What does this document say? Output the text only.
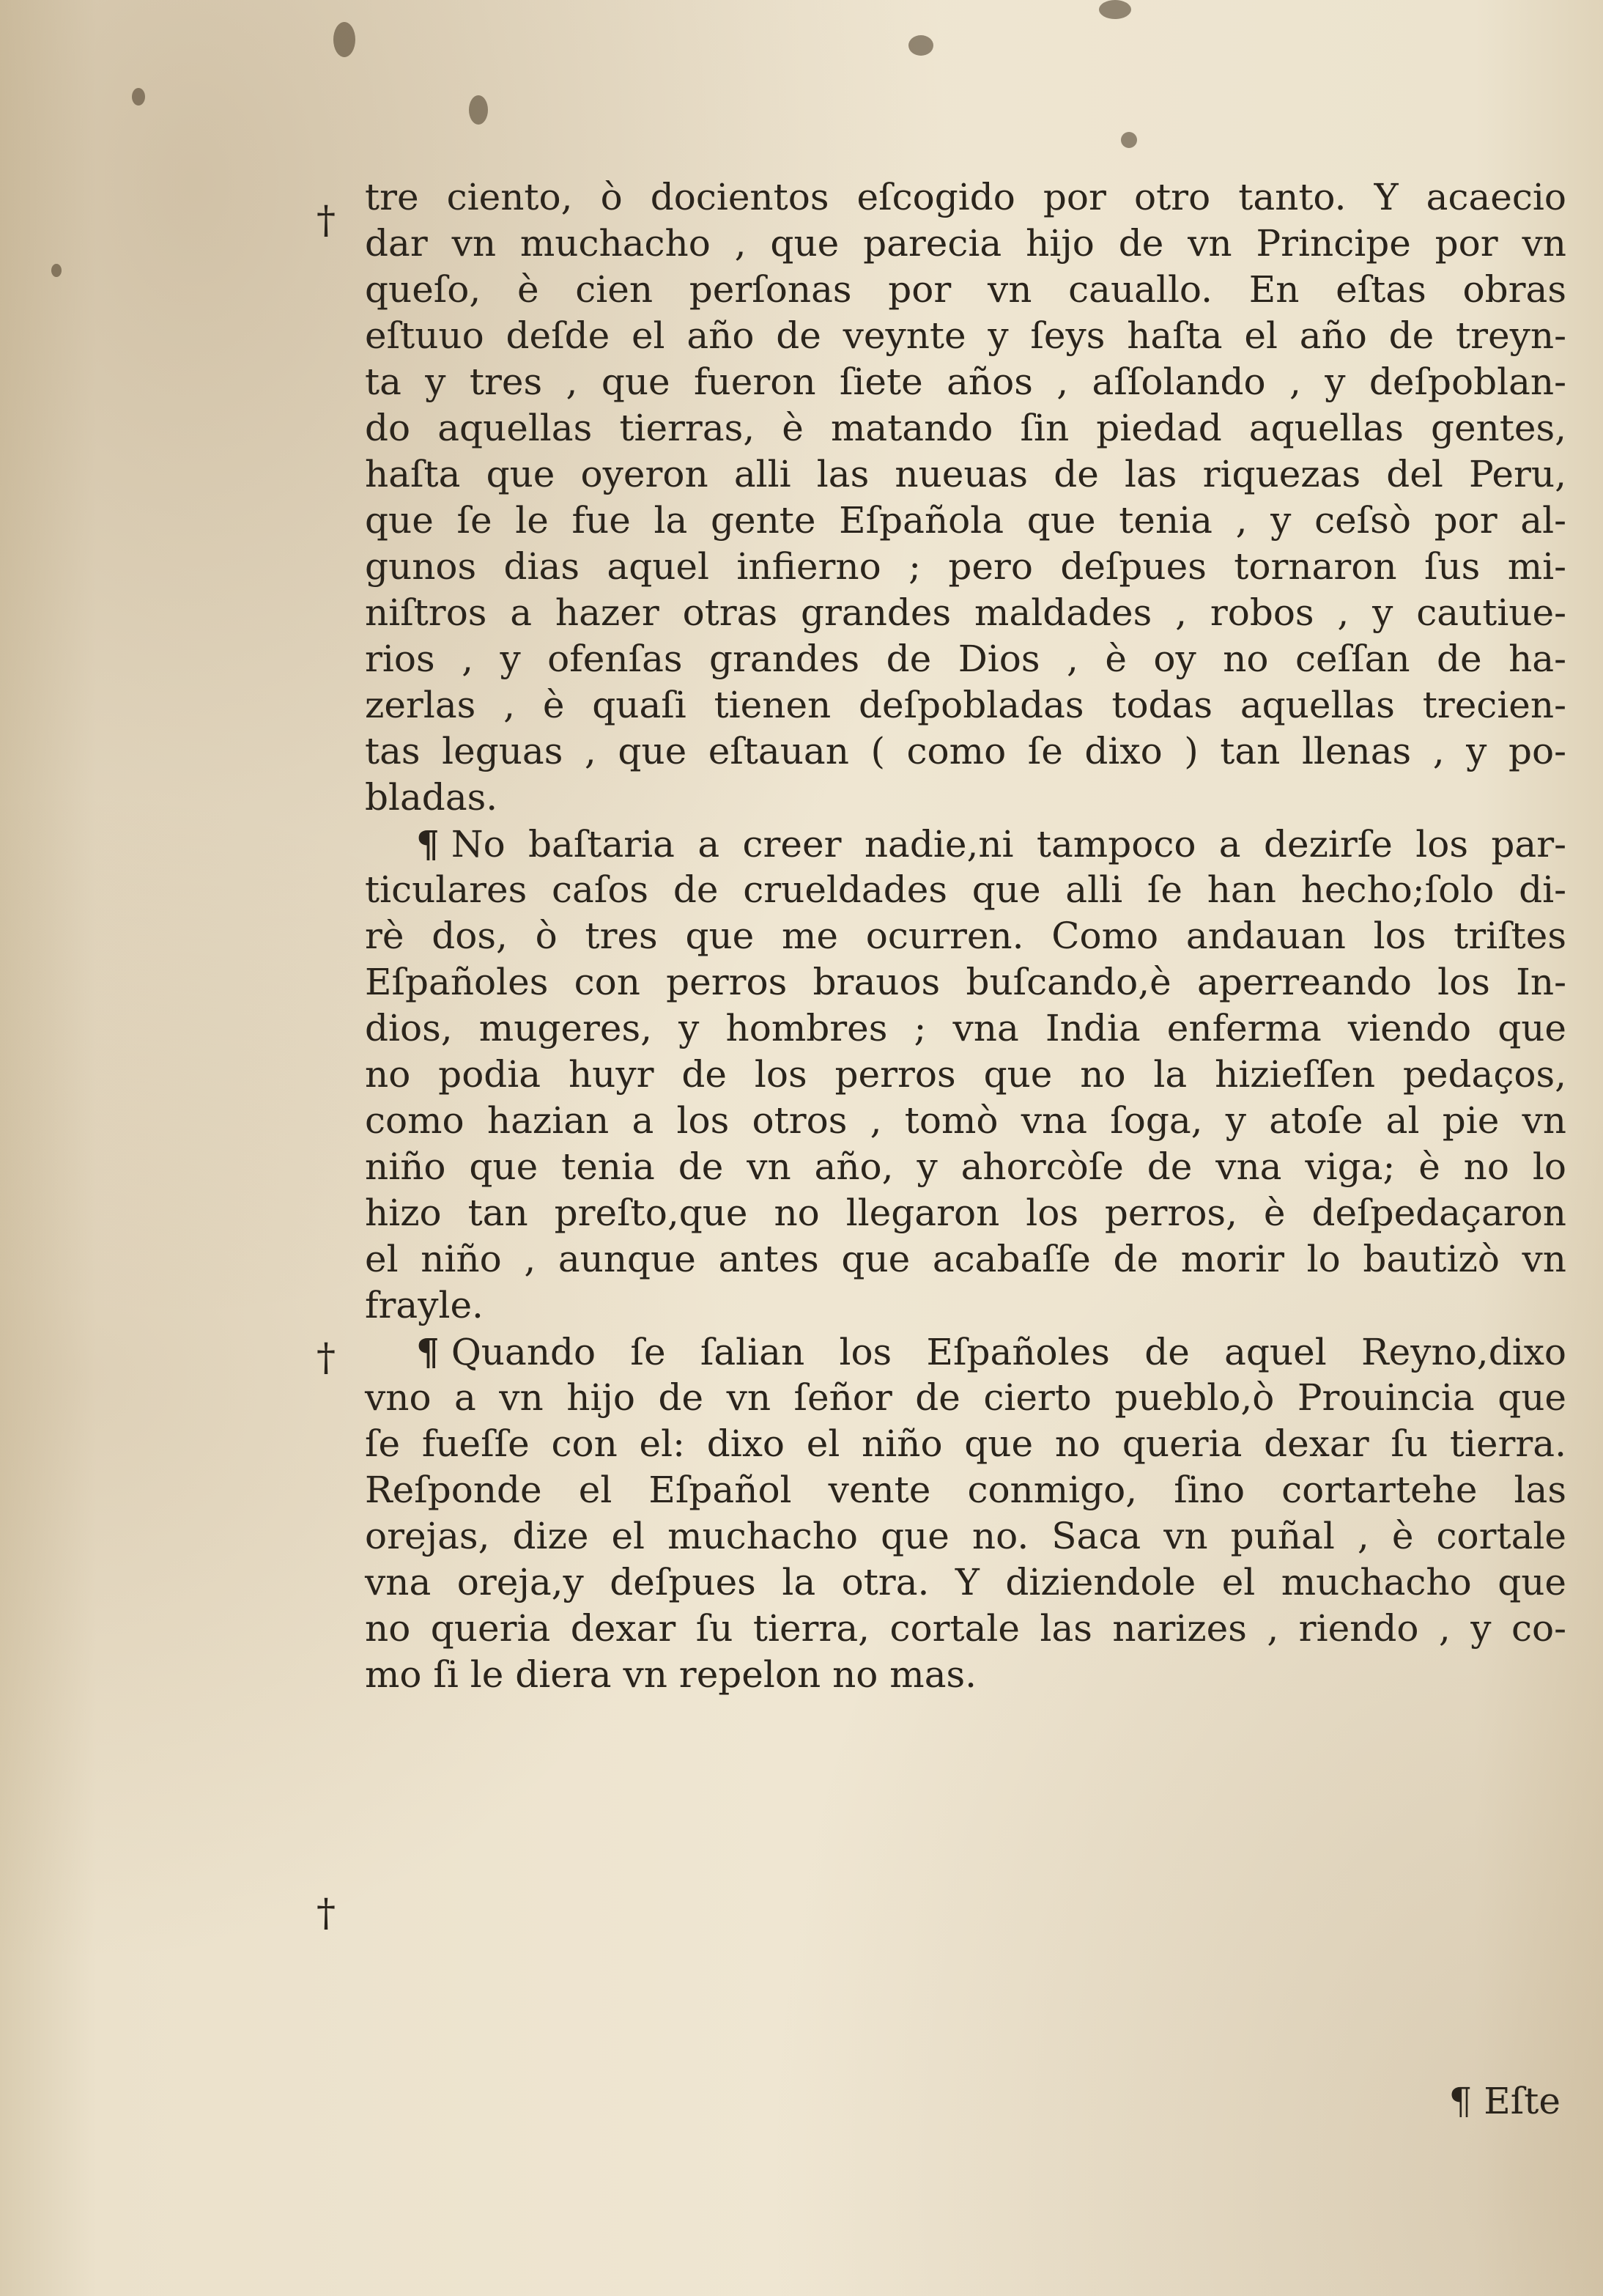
†
†
†
tre ciento, ò docientos eſcogido por otro tanto. Y acaecio
dar vn muchacho , que parecia hijo de vn Principe por vn
queſo, è cien perſonas por vn cauallo. En eſtas obras
eſtuuo deſde el año de veynte y ſeys haſta el año de treyn-
ta y tres , que fueron ſiete años , aſſolando , y deſpoblan-
do aquellas tierras, è matando ſin piedad aquellas gentes,
haſta que oyeron alli las nueuas de las riquezas del Peru,
que ſe le fue la gente Eſpañola que tenia , y ceſsò por al-
gunos dias aquel infierno ; pero deſpues tornaron ſus mi-
niſtros a hazer otras grandes maldades , robos , y cautiue-
rios , y ofenſas grandes de Dios , è oy no ceſſan de ha-
zerlas , è quaſi tienen deſpobladas todas aquellas trecien-
tas leguas , que eſtauan ( como ſe dixo ) tan llenas , y po-
bladas.
¶ No baſtaria a creer nadie,ni tampoco a dezirſe los par-
ticulares caſos de crueldades que alli ſe han hecho;ſolo di-
rè dos, ò tres que me ocurren. Como andauan los triſtes
Eſpañoles con perros brauos buſcando,è aperreando los In-
dios, mugeres, y hombres ; vna India enferma viendo que
no podia huyr de los perros que no la hizieſſen pedaços,
como hazian a los otros , tomò vna ſoga, y atoſe al pie vn
niño que tenia de vn año, y ahorcòſe de vna viga; è no lo
hizo tan preſto,que no llegaron los perros, è deſpedaçaron
el niño , aunque antes que acabaſſe de morir lo bautizò vn
frayle.
¶ Quando ſe ſalian los Eſpañoles de aquel Reyno,dixo
vno a vn hijo de vn ſeñor de cierto pueblo,ò Prouincia que
ſe fueſſe con el: dixo el niño que no queria dexar ſu tierra.
Reſponde el Eſpañol vente conmigo, ſino cortartehe las
orejas, dize el muchacho que no. Saca vn puñal , è cortale
vna oreja,y deſpues la otra. Y diziendole el muchacho que
no queria dexar ſu tierra, cortale las narizes , riendo , y co-
mo ſi le diera vn repelon no mas.
¶ Eſte
